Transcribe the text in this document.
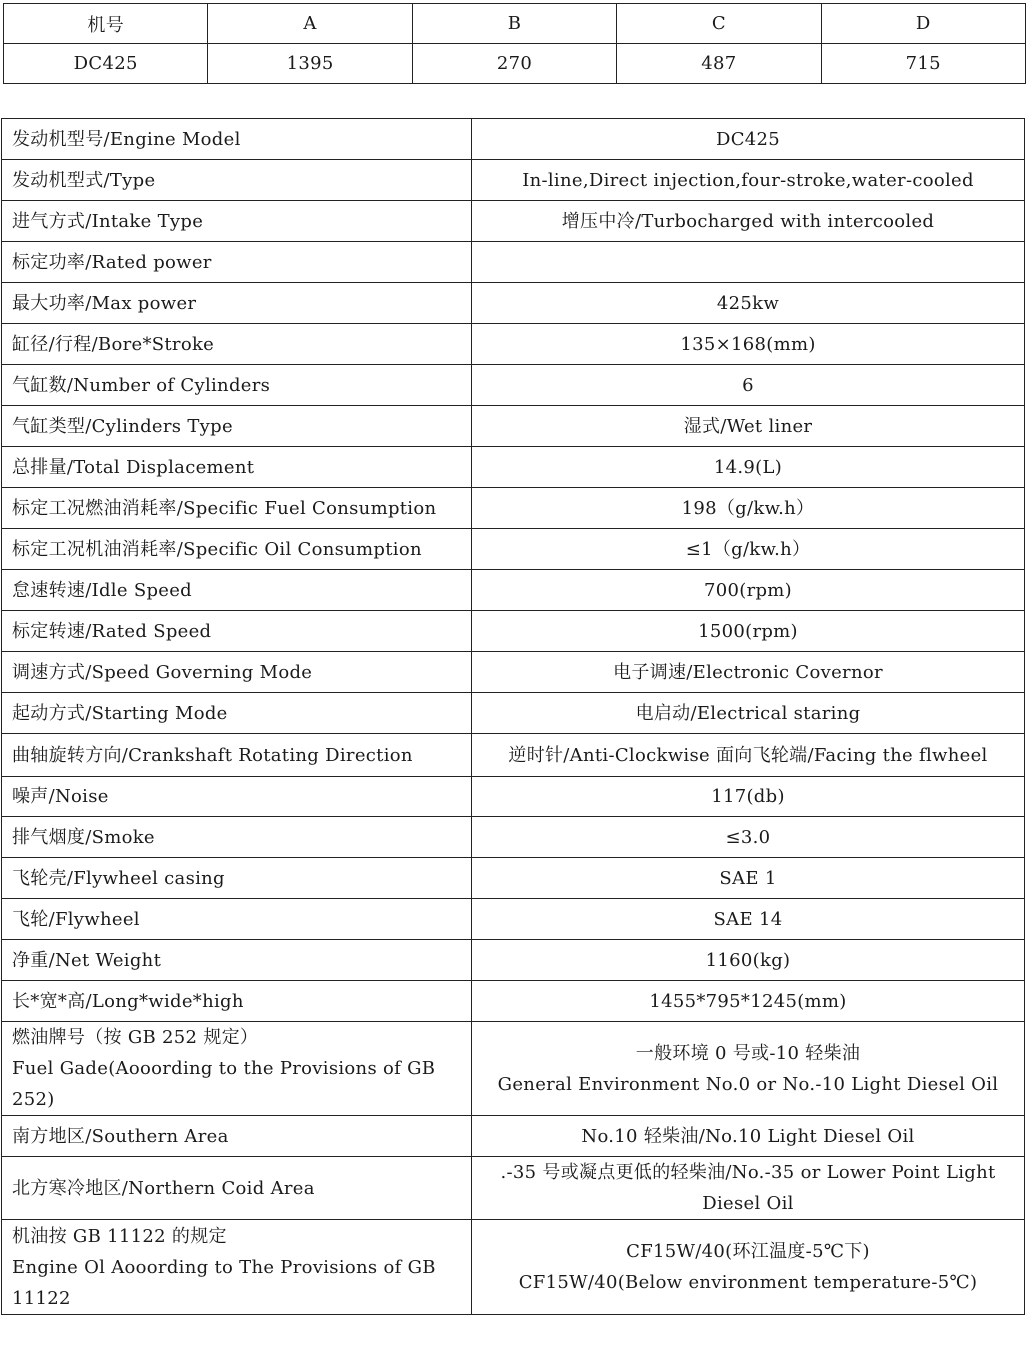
机号	A	B	C	D
DC425	1395	270	487	715
发动机型号/Engine Model	DC425

发动机型式/Type	In-line,Direct injection,four-stroke,water-cooled

进气方式/Intake Type	增压中冷/Turbocharged with intercooled

标定功率/Rated power	

最大功率/Max power	425kw

缸径/行程/Bore*Stroke	135×168(mm)

气缸数/Number of Cylinders	6

气缸类型/Cylinders Type	湿式/Wet liner

总排量/Total Displacement	14.9(L)

标定工况燃油消耗率/Specific Fuel Consumption	198（g/kw.h）

标定工况机油消耗率/Specific Oil Consumption	≤1（g/kw.h）

怠速转速/Idle Speed	700(rpm)

标定转速/Rated Speed	1500(rpm)

调速方式/Speed Governing Mode	电子调速/Electronic Covernor

起动方式/Starting Mode	电启动/Electrical staring

曲轴旋转方向/Crankshaft Rotating Direction	逆时针/Anti-Clockwise 面向飞轮端/Facing the flwheel

噪声/Noise	117(db)

排气烟度/Smoke	≤3.0

飞轮壳/Flywheel casing	SAE 1

飞轮/Flywheel	SAE 14

净重/Net Weight	1160(kg)

长*宽*高/Long*wide*high	1455*795*1245(mm)

燃油牌号（按 GB 252 规定）
Fuel Gade(Aooording to the Provisions of GB
252)	一般环境 0 号或-10 轻柴油
General Environment No.0 or No.-10 Light Diesel Oil

南方地区/Southern Area	No.10 轻柴油/No.10 Light Diesel Oil

北方寒冷地区/Northern Coid Area	.-35 号或凝点更低的轻柴油/No.-35 or Lower Point Light
Diesel Oil

机油按 GB 11122 的规定
Engine Ol Aooording to The Provisions of GB
11122	CF15W/40(环江温度-5℃下)
CF15W/40(Below environment temperature-5℃)
